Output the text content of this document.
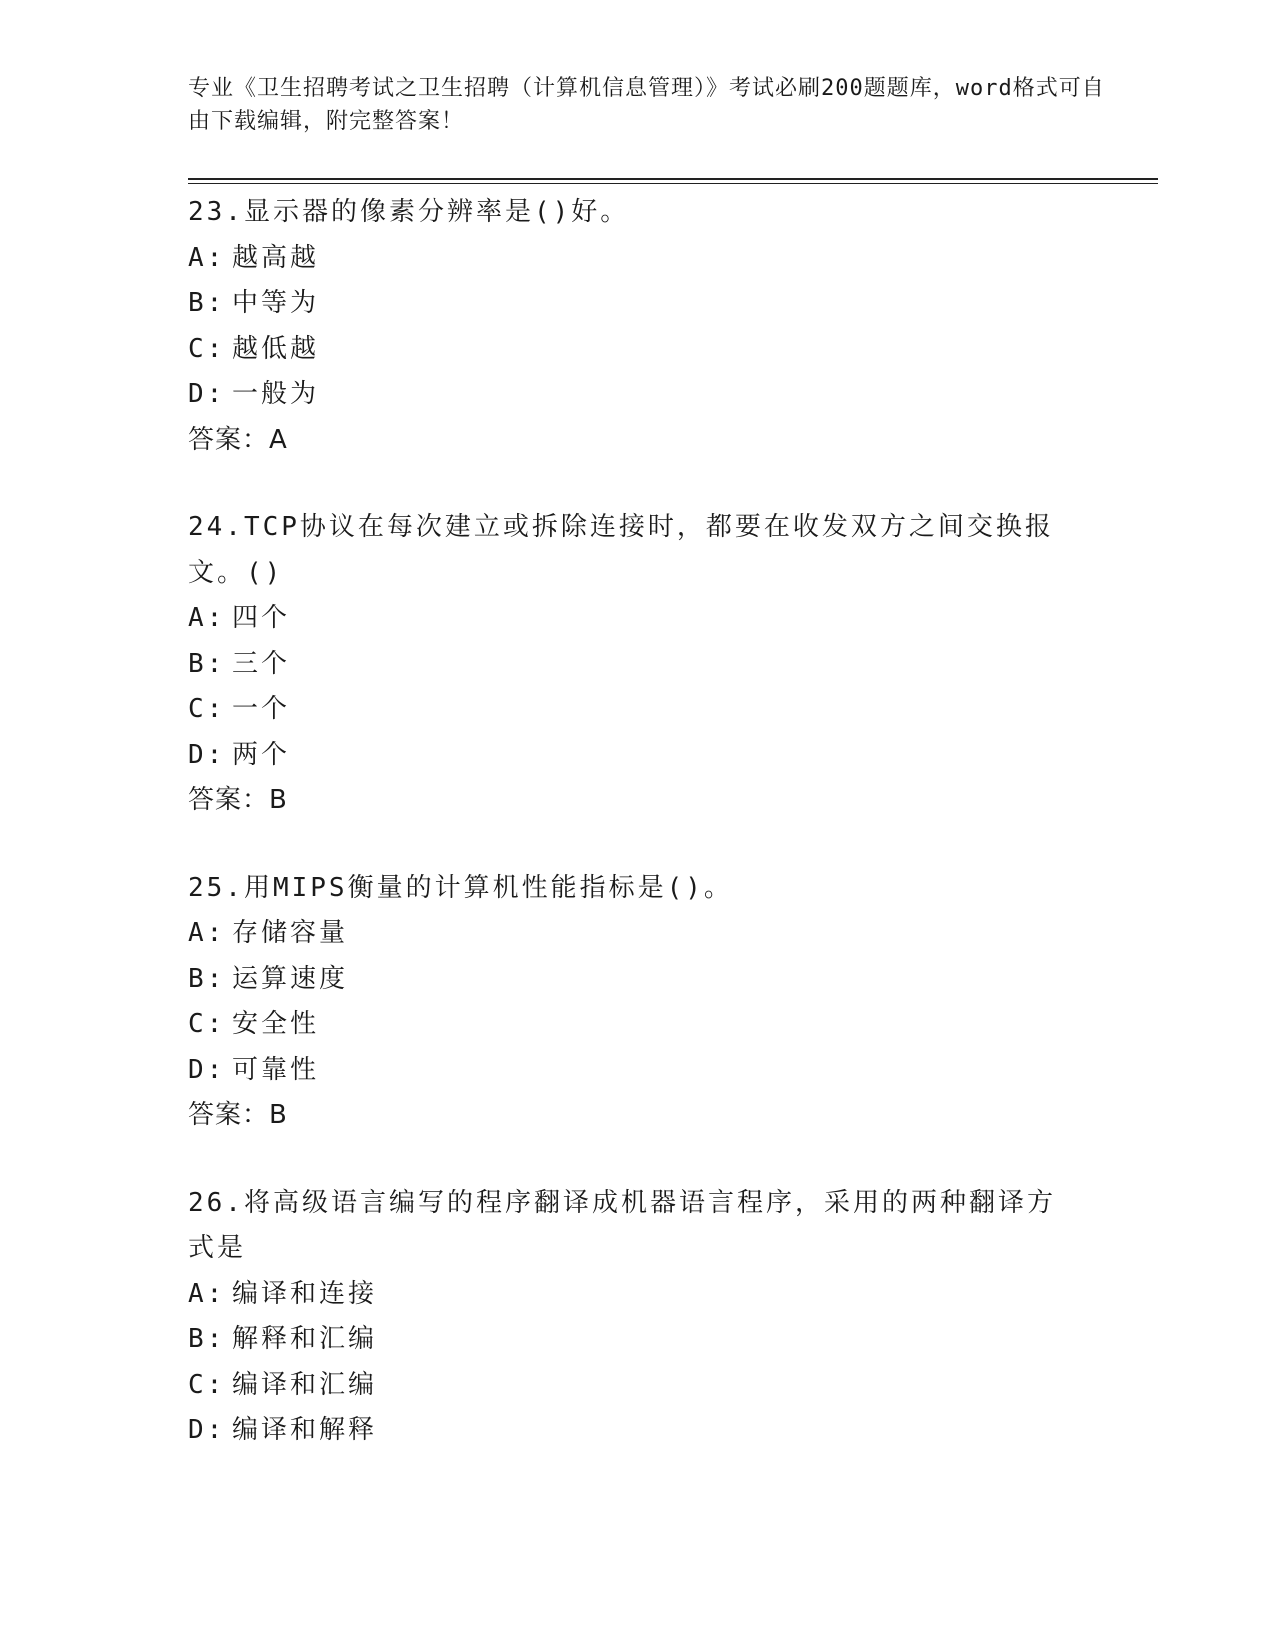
专业《卫生招聘考试之卫生招聘（计算机信息管理）》考试必刷200题题库，word格式可自由下载编辑，附完整答案！

23.显示器的像素分辨率是()好。

A: 越高越

B: 中等为

C: 越低越

D: 一般为

答案：A

24.TCP协议在每次建立或拆除连接时，都要在收发双方之间交换报文。()

A: 四个

B: 三个

C: 一个

D: 两个

答案：B

25.用MIPS衡量的计算机性能指标是()。

A: 存储容量

B: 运算速度

C: 安全性

D: 可靠性

答案：B

26.将高级语言编写的程序翻译成机器语言程序，采用的两种翻译方式是

A: 编译和连接

B: 解释和汇编

C: 编译和汇编

D: 编译和解释
